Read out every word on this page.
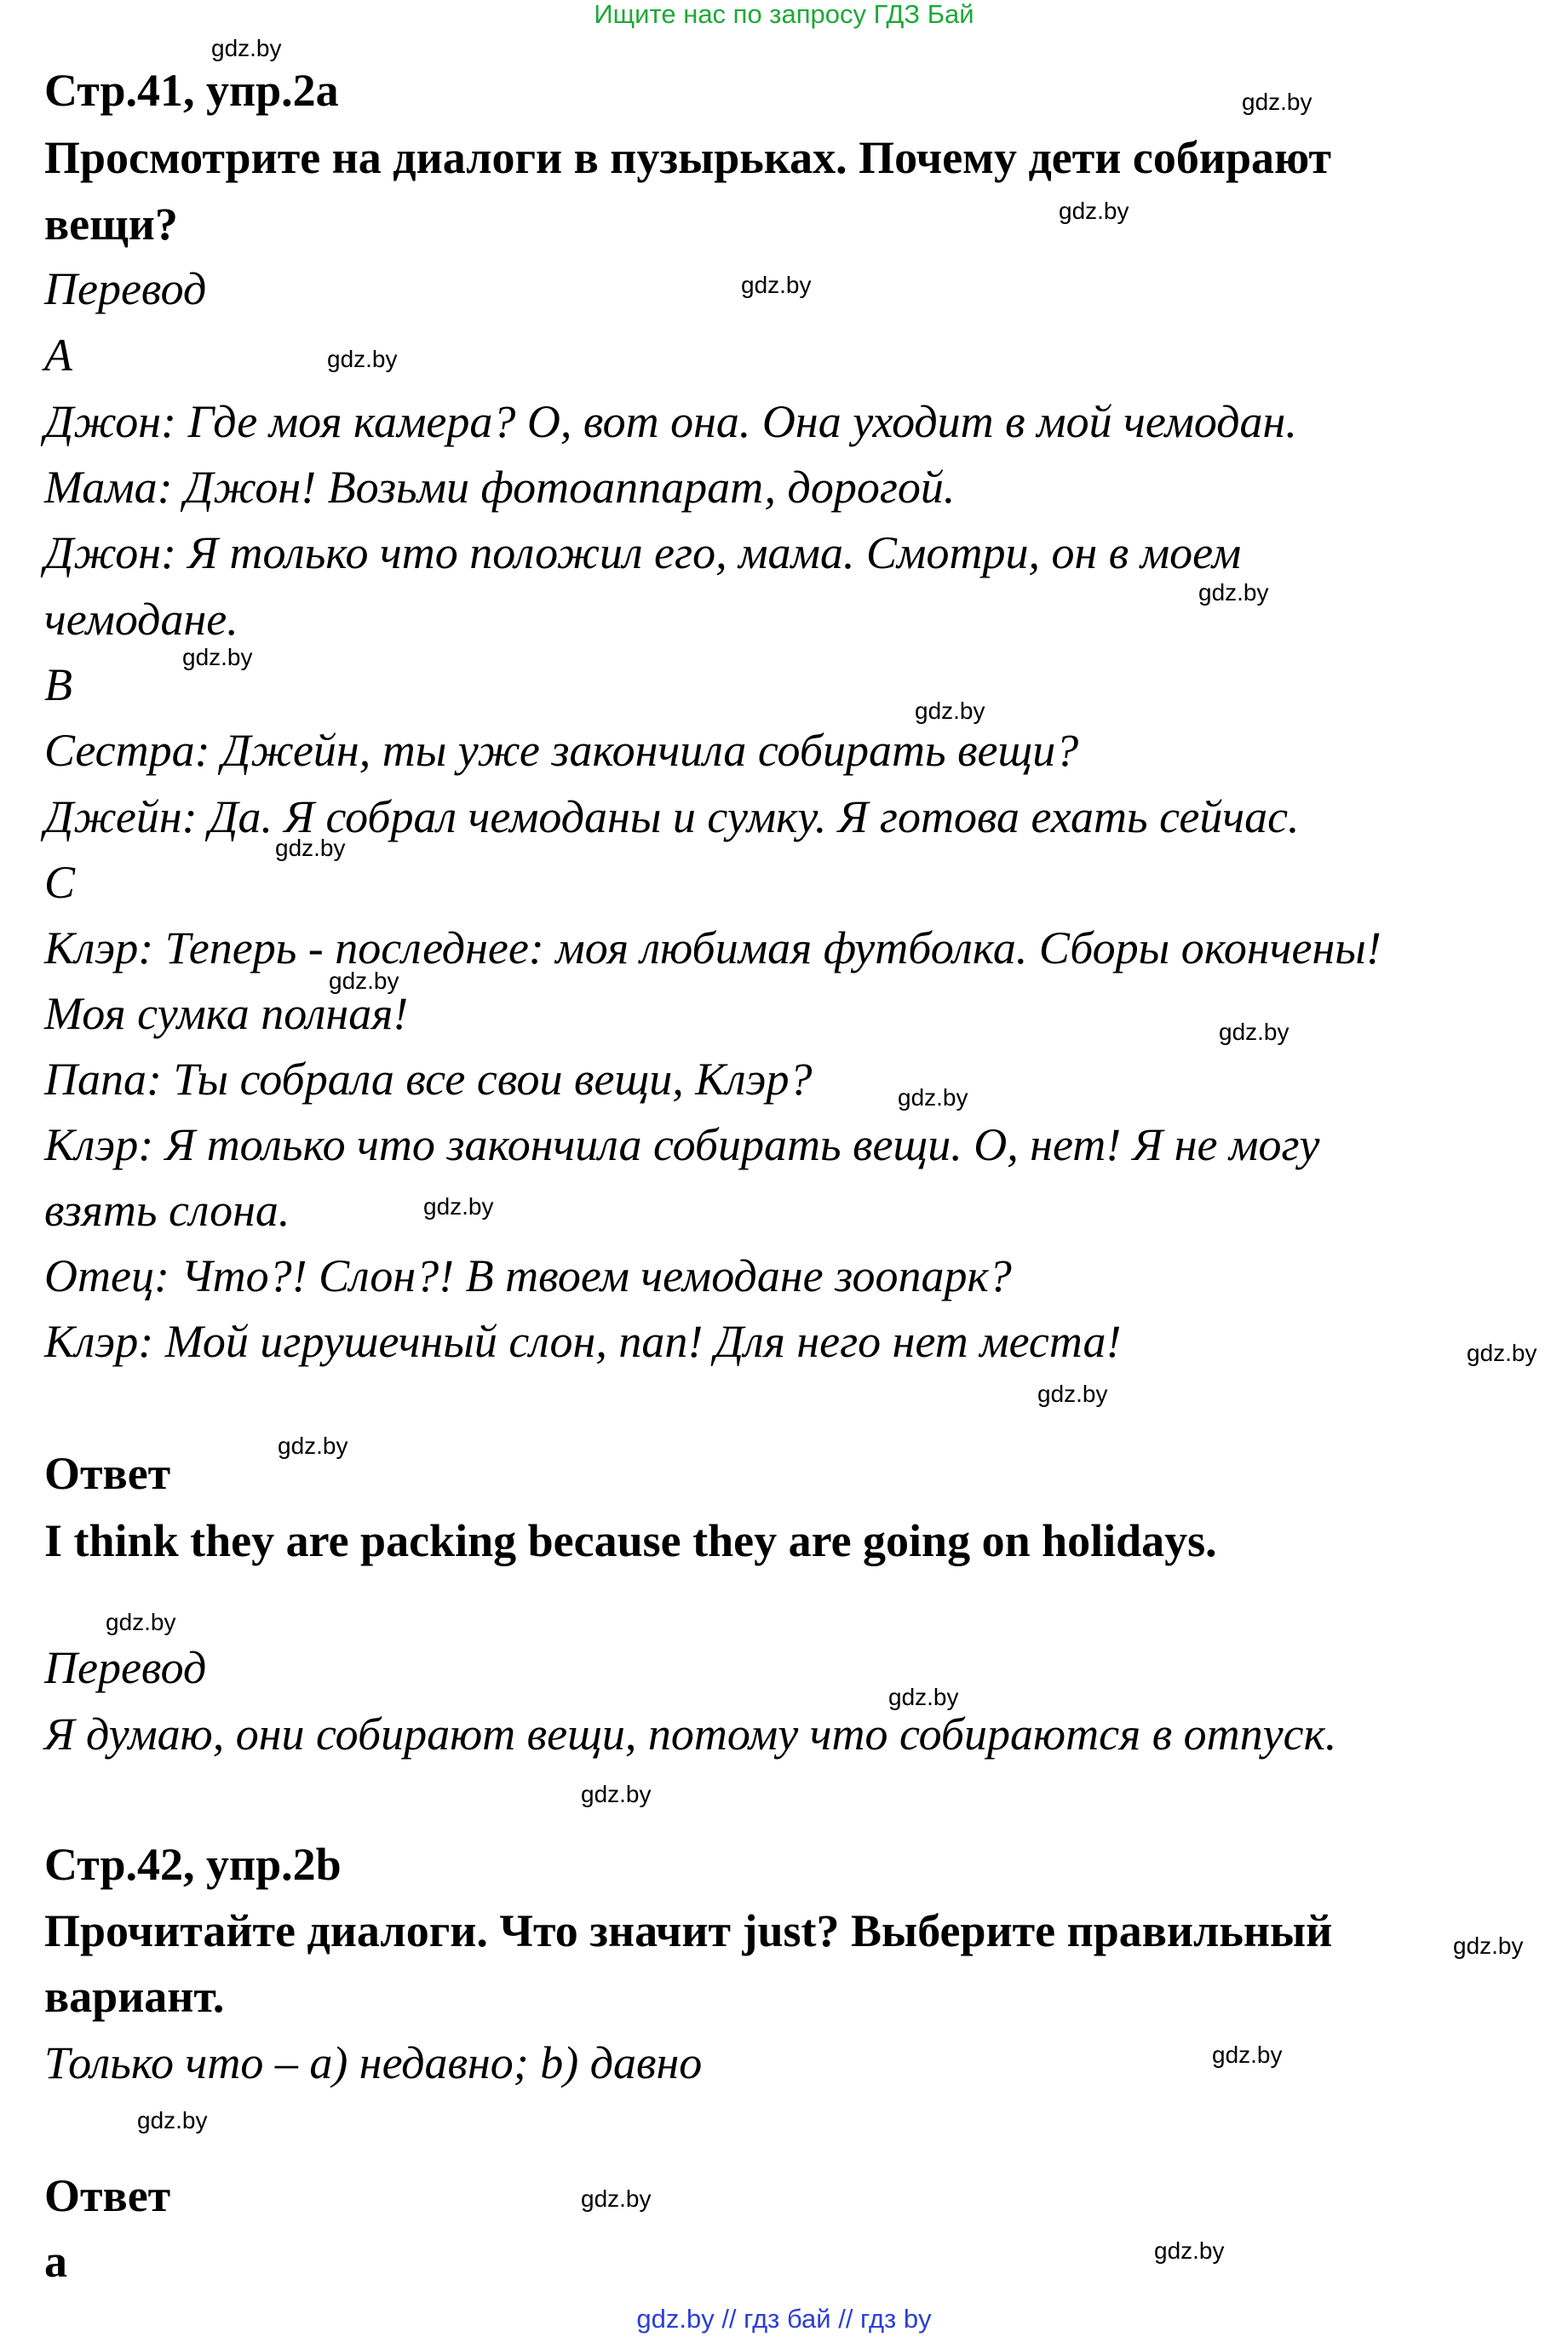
Ищите нас по запросу ГДЗ Бай

Стр.41, упр.2a

Просмотрите на диалоги в пузырьках. Почему дети собирают

вещи?

Перевод

A

Джон: Где моя камера? О, вот она. Она уходит в мой чемодан.

Мама: Джон! Возьми фотоаппарат, дорогой.

Джон: Я только что положил его, мама. Смотри, он в моем

чемодане.

B

Сестра: Джейн, ты уже закончила собирать вещи?

Джейн: Да. Я собрал чемоданы и сумку. Я готова ехать сейчас.

C

Клэр: Теперь - последнее: моя любимая футболка. Сборы окончены!

Моя сумка полная!

Папа: Ты собрала все свои вещи, Клэр?

Клэр: Я только что закончила собирать вещи. О, нет! Я не могу

взять слона.

Отец: Что?! Слон?! В твоем чемодане зоопарк?

Клэр: Мой игрушечный слон, пап! Для него нет места!

Ответ

I think they are packing because they are going on holidays.

Перевод

Я думаю, они собирают вещи, потому что собираются в отпуск.

Стр.42, упр.2b

Прочитайте диалоги. Что значит just? Выберите правильный

вариант.

Только что – a) недавно; b) давно

Ответ

a

gdz.by
gdz.by
gdz.by
gdz.by
gdz.by
gdz.by
gdz.by
gdz.by
gdz.by
gdz.by
gdz.by
gdz.by
gdz.by
gdz.by
gdz.by
gdz.by
gdz.by
gdz.by
gdz.by
gdz.by
gdz.by
gdz.by
gdz.by
gdz.by
gdz.by // гдз бай // гдз by
